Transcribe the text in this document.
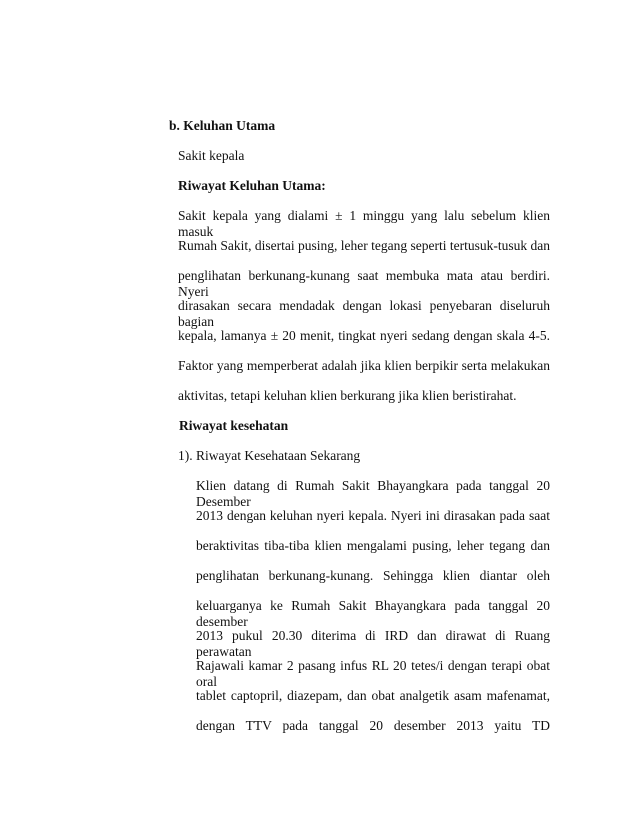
b. Keluhan Utama
Sakit kepala
Riwayat Keluhan Utama:
Sakit kepala yang dialami ± 1 minggu yang lalu sebelum klien masuk
Rumah Sakit, disertai pusing, leher tegang seperti tertusuk-tusuk dan
penglihatan berkunang-kunang saat membuka mata atau berdiri. Nyeri
dirasakan secara mendadak dengan lokasi penyebaran diseluruh bagian
kepala, lamanya ± 20 menit, tingkat nyeri sedang dengan skala 4-5.
Faktor yang memperberat adalah jika klien berpikir serta melakukan
aktivitas, tetapi keluhan klien berkurang jika klien beristirahat.
Riwayat kesehatan
1). Riwayat Kesehataan Sekarang
Klien datang di Rumah Sakit Bhayangkara pada tanggal 20 Desember
2013 dengan keluhan nyeri kepala. Nyeri ini dirasakan pada saat
beraktivitas tiba-tiba klien mengalami pusing, leher tegang dan
penglihatan berkunang-kunang. Sehingga klien diantar oleh
keluarganya ke Rumah Sakit Bhayangkara pada tanggal 20 desember
2013 pukul 20.30 diterima di IRD dan dirawat di Ruang perawatan
Rajawali kamar 2 pasang infus RL 20 tetes/i dengan terapi obat oral
tablet captopril, diazepam, dan obat analgetik asam mafenamat,
dengan TTV pada tanggal 20 desember 2013 yaitu TD
